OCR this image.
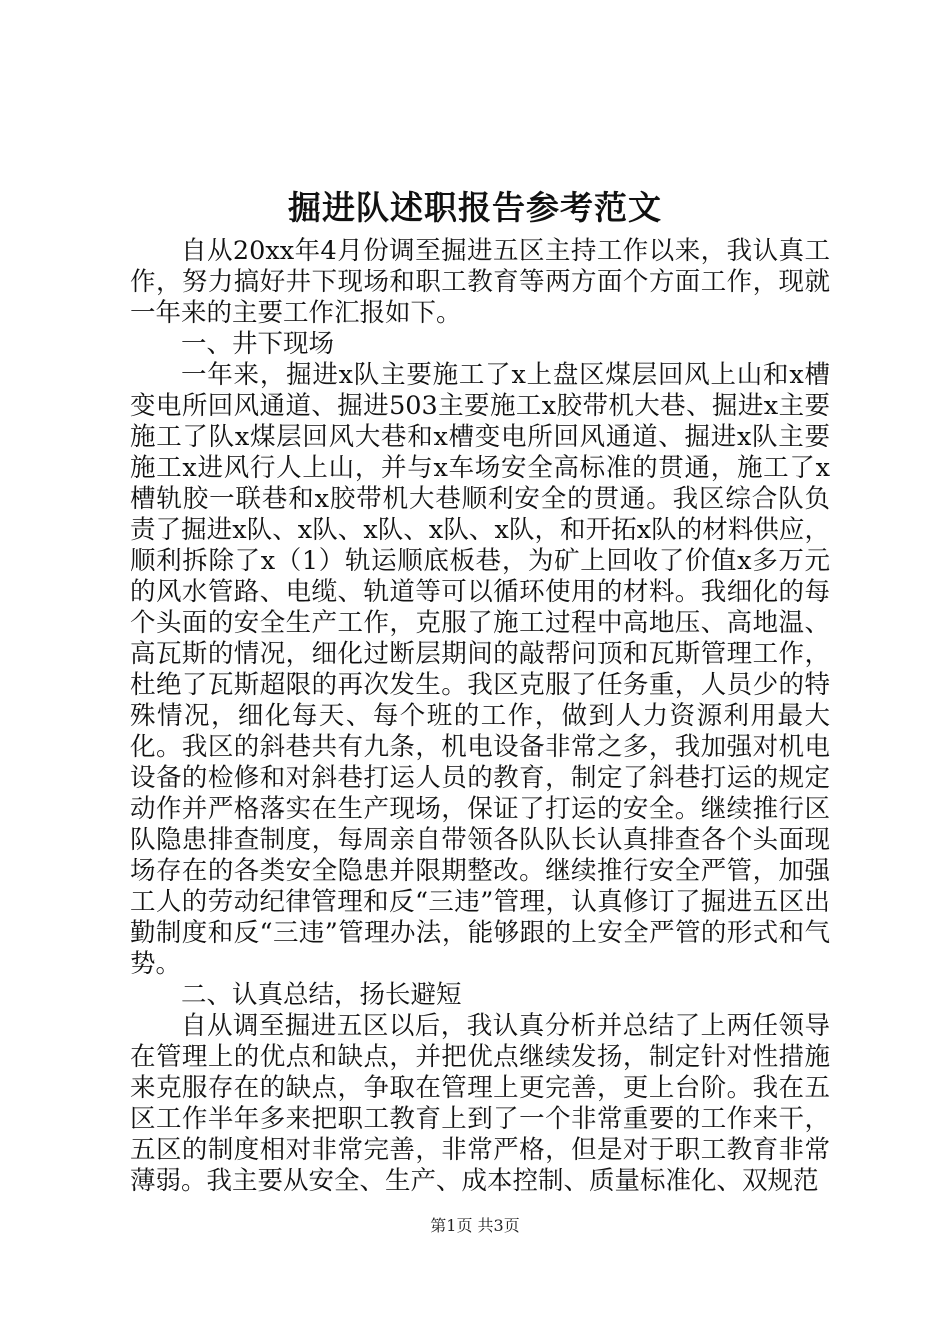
掘进队述职报告参考范文

自从20xx年4月份调至掘进五区主持工作以来，我认真工作，努力搞好井下现场和职工教育等两方面个方面工作，现就一年来的主要工作汇报如下。

一、井下现场

一年来，掘进x队主要施工了x上盘区煤层回风上山和x槽变电所回风通道、掘进503主要施工x胶带机大巷、掘进x主要施工了队x煤层回风大巷和x槽变电所回风通道、掘进x队主要施工x进风行人上山，并与x车场安全高标准的贯通，施工了x槽轨胶一联巷和x胶带机大巷顺利安全的贯通。我区综合队负责了掘进x队、x队、x队、x队、x队，和开拓x队的材料供应，顺利拆除了x（1）轨运顺底板巷，为矿上回收了价值x多万元的风水管路、电缆、轨道等可以循环使用的材料。我细化的每个头面的安全生产工作，克服了施工过程中高地压、高地温、高瓦斯的情况，细化过断层期间的敲帮问顶和瓦斯管理工作，杜绝了瓦斯超限的再次发生。我区克服了任务重，人员少的特殊情况，细化每天、每个班的工作，做到人力资源利用最大化。我区的斜巷共有九条，机电设备非常之多，我加强对机电设备的检修和对斜巷打运人员的教育，制定了斜巷打运的规定动作并严格落实在生产现场，保证了打运的安全。继续推行区队隐患排查制度，每周亲自带领各队队长认真排查各个头面现场存在的各类安全隐患并限期整改。继续推行安全严管，加强工人的劳动纪律管理和反“三违”管理，认真修订了掘进五区出勤制度和反“三违”管理办法，能够跟的上安全严管的形式和气势。

二、认真总结，扬长避短

自从调至掘进五区以后，我认真分析并总结了上两任领导在管理上的优点和缺点，并把优点继续发扬，制定针对性措施来克服存在的缺点，争取在管理上更完善，更上台阶。我在五区工作半年多来把职工教育上到了一个非常重要的工作来干，五区的制度相对非常完善，非常严格，但是对于职工教育非常薄弱。我主要从安全、生产、成本控制、质量标准化、双规范

第1页 共3页
